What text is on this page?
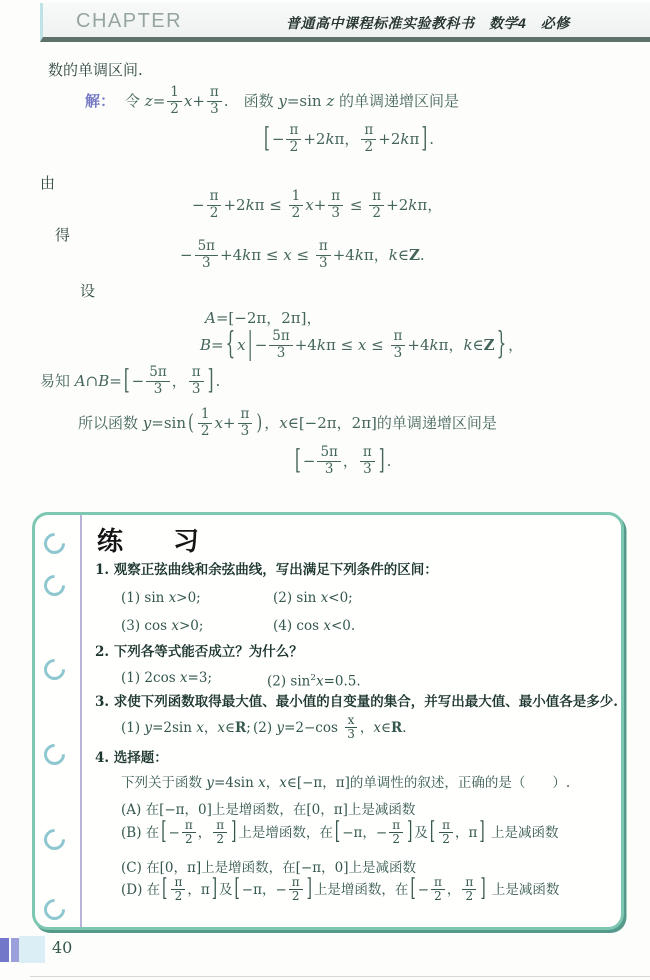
CHAPTER	普通高中课程标准实验教科书　数学4　必修
数的单调区间.
解： 令 $z= \frac{1}{2} x+ \frac{\pi}{3}$ .　函数 y=sin z 的单调递增区间是
[ − $\frac{\pi}{2} +2k\pi$， $\frac{\pi}{2} +2k\pi$ ] .
由
− $\frac{\pi}{2} +2k\pi \le \frac{1}{2} x+ \frac{\pi}{3} \le \frac{\pi}{2} +2k\pi$，
得
− $\frac{5\pi}{3} +4k\pi \le x \le \frac{\pi}{3} +4k\pi$，k∈Z.
设
A=[−2π，2π]，
B= { x | − $\frac{5\pi}{3} +4k\pi \le x \le \frac{\pi}{3} +4k\pi$，k∈Z } ，
易知 A∩B= [ − $\frac{5\pi}{3}$ ， $\frac{\pi}{3}$ ] .
所以函数 y=sin ( $\frac{1}{2} x+ \frac{\pi}{3}$ ) ，x∈[−2π，2π]的单调递增区间是
[ − $\frac{5\pi}{3}$ ， $\frac{\pi}{3}$ ] .
练　习
1. 观察正弦曲线和余弦曲线，写出满足下列条件的区间：
(1) sin x>0;	(2) sin x<0;
(3) cos x>0;	(4) cos x<0.
2. 下列各等式能否成立？为什么？
(1) 2cos x=3;	(2) $\sin^2x=0.5$.
3. 求使下列函数取得最大值、最小值的自变量的集合，并写出最大值、最小值各是多少.
(1) y=2sin x，x∈R; (2) $y=2-\cos \frac{x}{3}$ ，x∈R.
4. 选择题：
下列关于函数 y=4sin x，x∈[−π，π]的单调性的叙述，正确的是（　　）.
(A) 在[−π，0]上是增函数，在[0，π]上是减函数
(B) 在 [ − $\frac{\pi}{2}$ ， $\frac{\pi}{2}$ ] 上是增函数，在 [ −π，− $\frac{\pi}{2}$ ] 及 [ $\frac{\pi}{2}$ ，π ] 上是减函数
(C) 在[0，π]上是增函数，在[−π，0]上是减函数
(D) 在 [ $\frac{\pi}{2}$ ，π ] 及 [ −π，− $\frac{\pi}{2}$ ] 上是增函数，在 [ − $\frac{\pi}{2}$ ， $\frac{\pi}{2}$ ] 上是减函数
40
